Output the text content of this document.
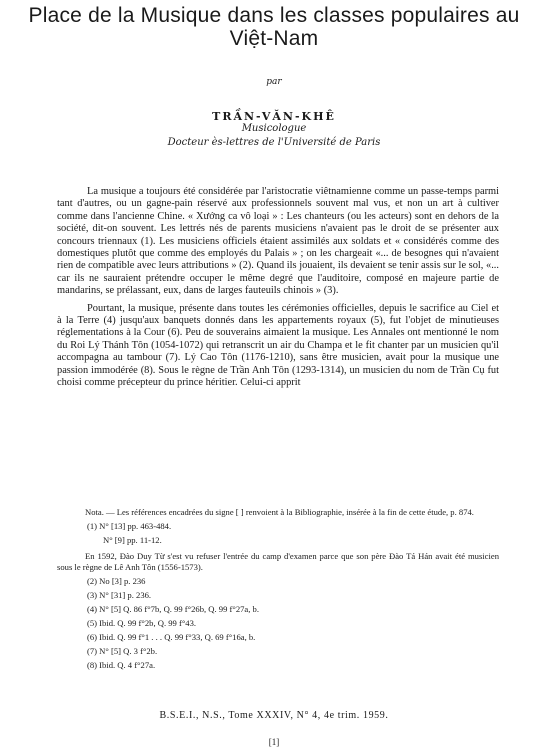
Place de la Musique dans les classes populaires au Việt-Nam
par
TRẦN-VĂN-KHÊ
Musicologue
Docteur ès-lettres de l'Université de Paris

La musique a toujours été considérée par l'aristocratie viêtnamienne comme un passe-temps parmi tant d'autres, ou un gagne-pain réservé aux professionnels souvent mal vus, et non un art à cultiver comme dans l'ancienne Chine. « Xướng ca vô loại » : Les chanteurs (ou les acteurs) sont en dehors de la société, dit-on souvent. Les lettrés nés de parents musiciens n'avaient pas le droit de se présenter aux concours triennaux (1). Les musiciens officiels étaient assimilés aux soldats et « considérés comme des domestiques plutôt que comme des employés du Palais » ; on les chargeait «... de besognes qui n'avaient rien de compatible avec leurs attributions » (2). Quand ils jouaient, ils devaient se tenir assis sur le sol, «... car ils ne sauraient prétendre occuper le même degré que l'auditoire, composé en majeure partie de mandarins, se prélassant, eux, dans de larges fauteuils chinois » (3).

Pourtant, la musique, présente dans toutes les cérémonies officielles, depuis le sacrifice au Ciel et à la Terre (4) jusqu'aux banquets donnés dans les appartements royaux (5), fut l'objet de minutieuses réglementations à la Cour (6). Peu de souverains aimaient la musique. Les Annales ont mentionné le nom du Roi Lý Thánh Tôn (1054-1072) qui retranscrit un air du Champa et le fit chanter par un musicien qu'il accompagna au tambour (7). Lý Cao Tôn (1176-1210), sans être musicien, avait pour la musique une passion immodérée (8). Sous le règne de Trần Anh Tôn (1293-1314), un musicien du nom de Trần Cụ fut choisi comme précepteur du prince héritier. Celui-ci apprit

Nota. — Les références encadrées du signe [ ] renvoient à la Bibliographie, insérée à la fin de cette étude, p. 874.

(1) N° [13] pp. 463-484.

N° [9] pp. 11-12.

En 1592, Đào Duy Từ s'est vu refuser l'entrée du camp d'examen parce que son père Đào Tá Hán avait été musicien sous le règne de Lê Anh Tôn (1556-1573).

(2) No [3] p. 236

(3) N° [31] p. 236.

(4) N° [5] Q. 86 f°7b, Q. 99 f°26b, Q. 99 f°27a, b.

(5) Ibid. Q. 99 f°2b, Q. 99 f°43.

(6) Ibid. Q. 99 f°1 . . . Q. 99 f°33, Q. 69 f°16a, b.

(7) N° [5] Q. 3 f°2b.

(8) Ibid. Q. 4 f°27a.

B.S.E.I., N.S., Tome XXXIV, N° 4, 4e trim. 1959.
[1]
